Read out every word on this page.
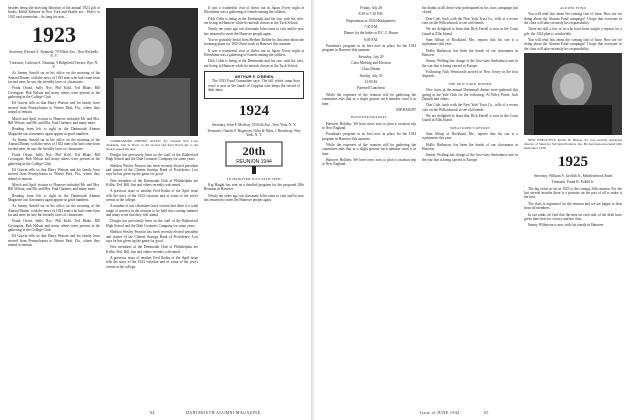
besides being the directing librarian of the annual 1923 gift of books. Kiffin Kilmore in New York and Seattle are... Here's to 1923 said somewhat... So long for now—

1923

Secretary, Edward A. Kennedy, 79 Elliott Ave., New Rochelle, N. Y.

Treasurer, Carleton S. Neuman, 9 Ridgefield Terrace, Rye, N. Y.

As Jimmy Arnold sat in his office on the morning of the Annual Dinner, with the news of 1923 men who had come from far and near, he saw the friendly faces of classmates.

Frank Oviatt, Sally Nye, Phil Kohl, Ted Blake, Bill Covington, Bob Nelson and many others were present at the gathering in the College Club.

Ed Garvin tells us that Harry Watson and his family have moved from Pennsylvania to Winter Park, Fla., where they intend to remain.

March and April visitors to Hanover included Mr. and Mrs. Bill Wilson, and Mr. and Mrs. Paul Gardner, and many more.

Reading from left to right in the Dartmouth Alumni Magazine our classmates again appear in good numbers.

As Jimmy Arnold sat in his office on the morning of the Annual Dinner, with the news of 1923 men who had come from far and near, he saw the friendly faces of classmates.

Frank Oviatt, Sally Nye, Phil Kohl, Ted Blake, Bill Covington, Bob Nelson and many others were present at the gathering in the College Club.

Ed Garvin tells us that Harry Watson and his family have moved from Pennsylvania to Winter Park, Fla., where they intend to remain.

March and April visitors to Hanover included Mr. and Mrs. Bill Wilson, and Mr. and Mrs. Paul Gardner, and many more.

Reading from left to right in the Dartmouth Alumni Magazine our classmates again appear in good numbers.

As Jimmy Arnold sat in his office on the morning of the Annual Dinner, with the news of 1923 men who had come from far and near, he saw the friendly faces of classmates.

Frank Oviatt, Sally Nye, Phil Kohl, Ted Blake, Bill Covington, Bob Nelson and many others were present at the gathering in the College Club.

Ed Garvin tells us that Harry Watson and his family have moved from Pennsylvania to Winter Park, Fla., where they intend to remain.

COMMANDER JOHNNY ALLEN '23, Seventh War Loan chairman, who is 'Navy' to the second and final Naval Air to aid always especially now.

Dwight has previously been on the staff of the Rutherford High School and the Dale Cosmetic Company for some years.

Sheldon Wesley Pearson has been recently elected president and trustee of the Clinton Savings Bank of Providence. Lou says he has given up the game for good.

New members of the Dartmouth Club of Philadelphia are Kiffin, Ted, Bill, Jim and others recently welcomed.

A previous issue of another Fred Rodin of the April issue tells the story of the 1923 vacation and of some of the year's events at the college.

A number of our classmates have written that there is a wide range of interest in the reunion to be held this coming summer and many write that they will attend.

Dwight has previously been on the staff of the Rutherford High School and the Dale Cosmetic Company for some years.

Sheldon Wesley Pearson has been recently elected president and trustee of the Clinton Savings Bank of Providence. Lou says he has given up the game for good.

New members of the Dartmouth Club of Philadelphia are Kiffin, Ted, Bill, Jim and others recently welcomed.

A previous issue of another Fred Rodin of the April issue tells the story of the 1923 vacation and of some of the year's events at the college.

It was a wonderful visit of theirs out in Japan. Every night at Hiroshima was a gathering of friends among the soldiers.

Dick Cobb is being at the Dartmouth and his son, with his wife, are living in Hanover while he attends classes at the Tuck School.

Nearly ten years ago our classmate John came to visit and he now has returned to meet the Hanover people again.

You've probably heard from Herbert Rollier by this time about the booming plans for 1923 Fund work in Hanover this summer.

It was a wonderful visit of theirs out in Japan. Every night at Hiroshima was a gathering of friends among the soldiers.

Dick Cobb is being at the Dartmouth and his son, with his wife, are living in Hanover while he attends classes at the Tuck School.

ARTHUR F. O'BRIEN

The 1923 Fund Committee says: The bill which came their word is now in the hands of Coppola who keeps the record of their fame.

1924

Secretary, John F. Mcelroy, 50 Fifth Ave., New York, N. Y.

Treasurer, Charles F. Rogerson, Niles & Niles, 1 Broadway, New York, N. Y.

20th
REUNION 1944

IN HANOVER JULY 26TH-28TH

Kip Haight has sent us a detailed program for the proposed 20th Reunion in Hanover.

Nearly ten years ago our classmate John came to visit and he now has returned to meet the Hanover people again.

64	DARTMOUTH ALUMNI MAGAZINE

Friday, July 28

8:30 to 7:30 P.M.

Registration at 1924 Headquarters

7:30 P.M.

Dinner for the ladies at D.C.C. House

8:00 P.M.

Pasadena's program at its best now in place for the 1924 program in Hanover this summer.

Saturday, July 29

Class Meeting and Election

Class Dinner

Sunday, July 30

12:00 M.

Farewell Luncheon

While the expenses of the reunion will be gathering the committee asks that as a slight gesture each member send it in time.

KIP HAIGHT

HANOVER HOLIDAY

Hanover Holiday: We have news now to plan a vacation trip to New England.

Pasadena's program at its best now in place for the 1924 program in Hanover this summer.

While the expenses of the reunion will be gathering the committee asks that as a slight gesture each member send it in time.

Hanover Holiday: We have news now to plan a vacation trip to New England.

his thanks to all those who participated in his class campaign just closed.

Don Cole, back with the New York Trust Co., tells of a recent visit on the Willowbrook to see old friends.

We are delighted to learn that Dick Farrell is now in the Coast Guard at Ellis Island.

Sam Allsop of Rockland, Me., reports that his son is a sophomore this year.

Hollis Hathaway has been the hands of our classmates in Hanover.

Jimmy Wolfing has charge of the first-class Ambulance unit in the war that is being carried to Europe.

Following Nick Wentworth arrived in New Jersey in the first dispatch.

THE NEW YORK DINNER

New faces at the annual Dartmouth dinner were gathered this spring at the Yale Club for the following: Al Wiley Finch, Jack Daniels and others.

Don Cole, back with the New York Trust Co., tells of a recent visit on the Willowbrook to see old friends.

We are delighted to learn that Dick Farrell is now in the Coast Guard at Ellis Island.

TREASURER'S REPORT

Sam Allsop of Rockland, Me., reports that his son is a sophomore this year.

Hollis Hathaway has been the hands of our classmates in Hanover.

Jimmy Wolfing has charge of the first-class Ambulance unit in the war that is being carried to Europe.

ALUMNI FUND

You will read this about the coming first of June. How are we doing about the Alumni Fund campaign? I hope that everyone in the class will take seriously his responsibility.

There are still a few of us who have been sought a request for a gift; the 1924 plan is worthwhile.

You will read this about the coming first of June. How are we doing about the Alumni Fund campaign? I hope that everyone in the class will take seriously his responsibility.

NEW EXECUTIVE Robert B. Bishop '25 was recently appointed director of Sales for Sylvania Products, Inc. He has been associated with them since 1936.

1925

Secretary, William A. Griffith Jr., Meadowbrook Road

Treasurer, Frank B. Fifield Jr.

The big event so far in 1925 is the coming 20th reunion. For the last several months there is a promise on the part of all to make it the best.

The class is organized for the reunion and we are happy to hear from all members.

In our ranks we find that the men on each side of the desk have given their best for victory and the class.

Jimmy Wilkerson is now with his family in Hanover.

Issue of JUNE 1944	65
